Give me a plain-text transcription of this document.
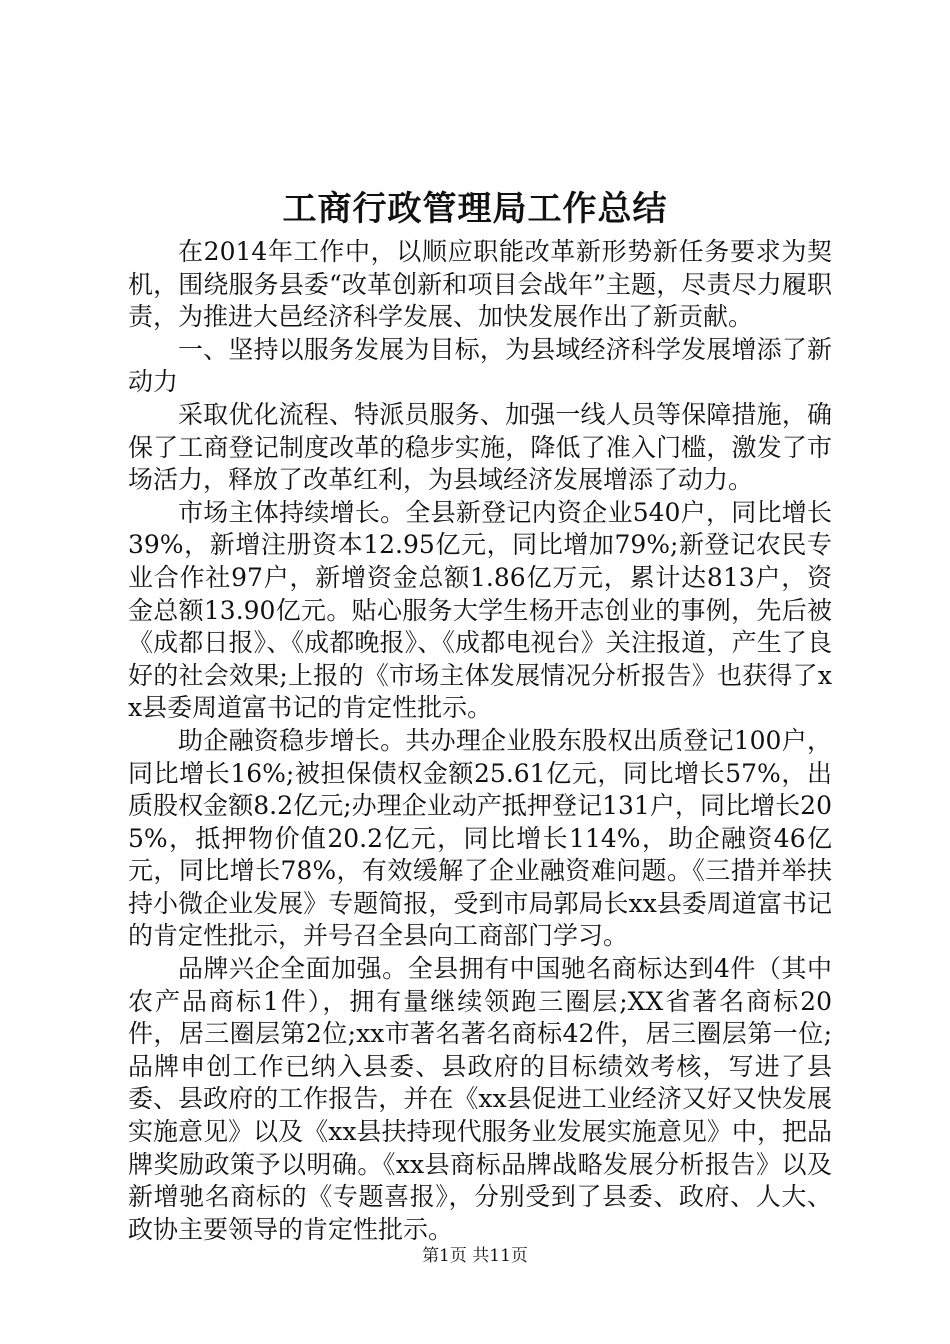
工商行政管理局工作总结

在2014年工作中，以顺应职能改革新形势新任务要求为契机，围绕服务县委“改革创新和项目会战年”主题，尽责尽力履职责，为推进大邑经济科学发展、加快发展作出了新贡献。

一、坚持以服务发展为目标，为县域经济科学发展增添了新动力

采取优化流程、特派员服务、加强一线人员等保障措施，确保了工商登记制度改革的稳步实施，降低了准入门槛，激发了市场活力，释放了改革红利，为县域经济发展增添了动力。

市场主体持续增长。全县新登记内资企业540户，同比增长39%，新增注册资本12.95亿元，同比增加79%;新登记农民专业合作社97户，新增资金总额1.86亿万元，累计达813户，资金总额13.90亿元。贴心服务大学生杨开志创业的事例，先后被《成都日报》、《成都晚报》、《成都电视台》关注报道，产生了良好的社会效果;上报的《市场主体发展情况分析报告》也获得了xx县委周道富书记的肯定性批示。

助企融资稳步增长。共办理企业股东股权出质登记100户，同比增长16%;被担保债权金额25.61亿元，同比增长57%，出质股权金额8.2亿元;办理企业动产抵押登记131户，同比增长205%，抵押物价值20.2亿元，同比增长114%，助企融资46亿元，同比增长78%，有效缓解了企业融资难问题。《三措并举扶持小微企业发展》专题简报，受到市局郭局长xx县委周道富书记的肯定性批示，并号召全县向工商部门学习。

品牌兴企全面加强。全县拥有中国驰名商标达到4件（其中农产品商标1件），拥有量继续领跑三圈层;XX省著名商标20件，居三圈层第2位;xx市著名著名商标42件，居三圈层第一位;品牌申创工作已纳入县委、县政府的目标绩效考核，写进了县委、县政府的工作报告，并在《xx县促进工业经济又好又快发展实施意见》以及《xx县扶持现代服务业发展实施意见》中，把品牌奖励政策予以明确。《xx县商标品牌战略发展分析报告》以及新增驰名商标的《专题喜报》，分别受到了县委、政府、人大、政协主要领导的肯定性批示。

第1页 共11页
